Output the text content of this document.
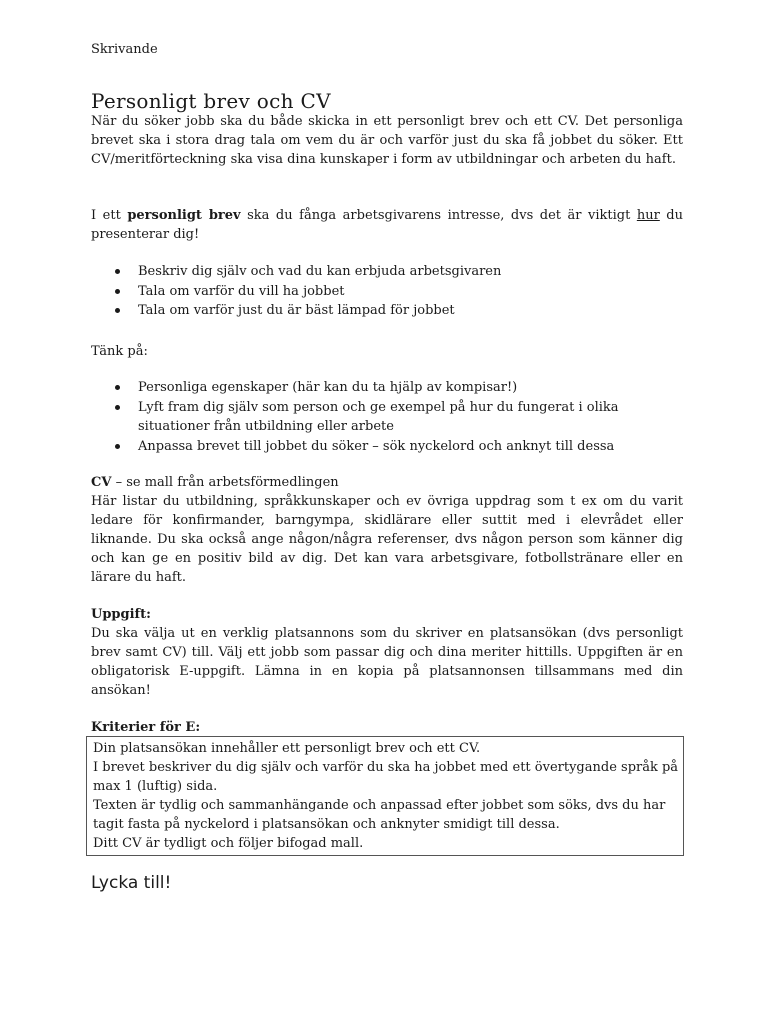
Skrivande
Personligt brev och CV
När du söker jobb ska du både skicka in ett personligt brev och ett CV. Det personliga brevet ska i stora drag tala om vem du är och varför just du ska få jobbet du söker. Ett CV/meritförteckning ska visa dina kunskaper i form av utbildningar och arbeten du haft.
I ett personligt brev ska du fånga arbetsgivarens intresse, dvs det är viktigt hur du presenterar dig!
Beskriv dig själv och vad du kan erbjuda arbetsgivaren
Tala om varför du vill ha jobbet
Tala om varför just du är bäst lämpad för jobbet
Tänk på:
Personliga egenskaper (här kan du ta hjälp av kompisar!)
Lyft fram dig själv som person och ge exempel på hur du fungerat i olika situationer från utbildning eller arbete
Anpassa brevet till jobbet du söker – sök nyckelord och anknyt till dessa
CV – se mall från arbetsförmedlingen
Här listar du utbildning, språkkunskaper och ev övriga uppdrag som t ex om du varit ledare för konfirmander, barngympa, skidlärare eller suttit med i elevrådet eller liknande. Du ska också ange någon/några referenser, dvs någon person som känner dig och kan ge en positiv bild av dig. Det kan vara arbetsgivare, fotbollstränare eller en lärare du haft.
Uppgift:
Du ska välja ut en verklig platsannons som du skriver en platsansökan (dvs personligt brev samt CV) till. Välj ett jobb som passar dig och dina meriter hittills. Uppgiften är en obligatorisk E-uppgift. Lämna in en kopia på platsannonsen tillsammans med din ansökan!
Kriterier för E:
Din platsansökan innehåller ett personligt brev och ett CV.
I brevet beskriver du dig själv och varför du ska ha jobbet med ett övertygande språk på max 1 (luftig) sida.
Texten är tydlig och sammanhängande och anpassad efter jobbet som söks, dvs du har tagit fasta på nyckelord i platsansökan och anknyter smidigt till dessa.
Ditt CV är tydligt och följer bifogad mall.
Lycka till!
